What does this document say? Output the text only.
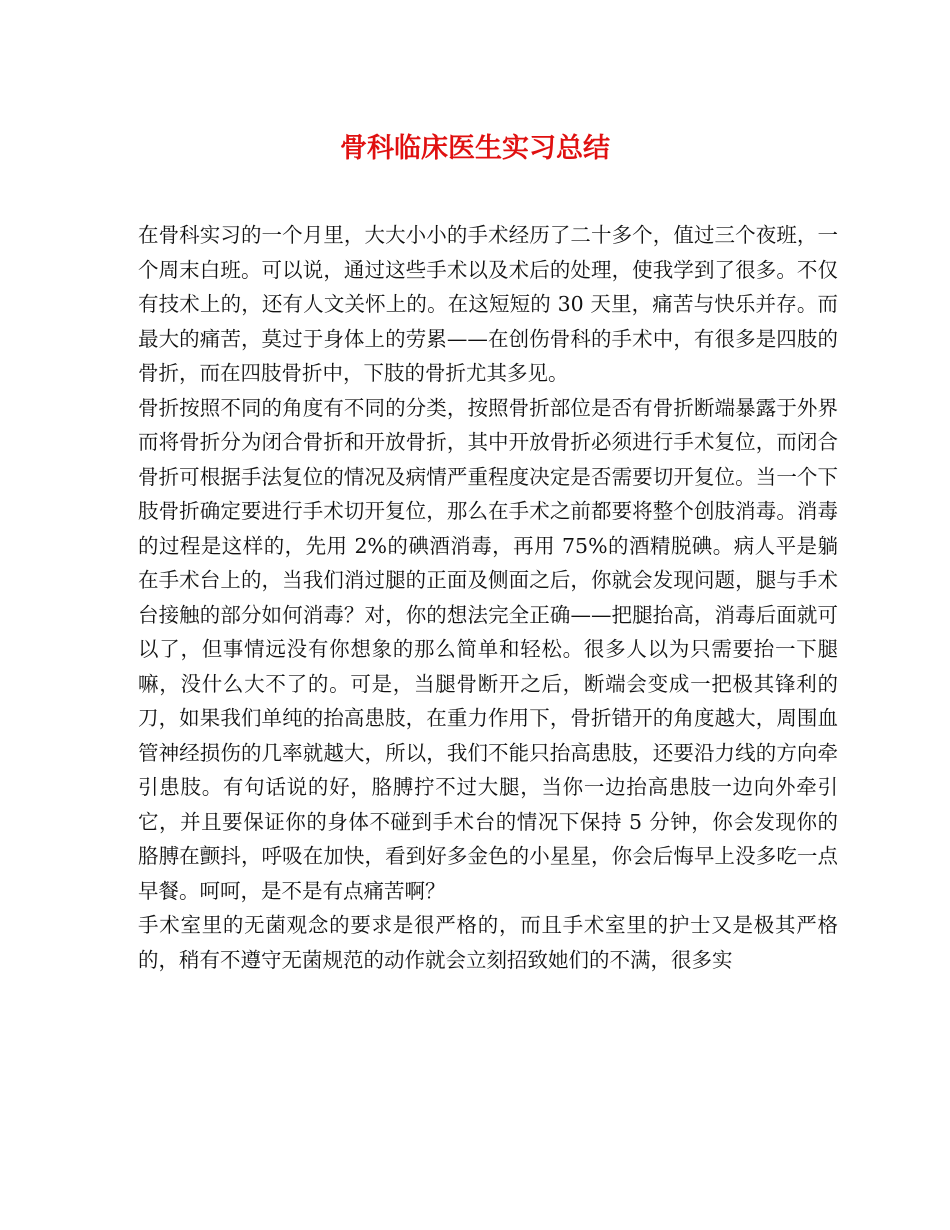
骨科临床医生实习总结

在骨科实习的一个月里，大大小小的手术经历了二十多个，值过三个夜班，一个周末白班。可以说，通过这些手术以及术后的处理，使我学到了很多。不仅有技术上的，还有人文关怀上的。在这短短的 30 天里，痛苦与快乐并存。而最大的痛苦，莫过于身体上的劳累——在创伤骨科的手术中，有很多是四肢的骨折，而在四肢骨折中，下肢的骨折尤其多见。

骨折按照不同的角度有不同的分类，按照骨折部位是否有骨折断端暴露于外界而将骨折分为闭合骨折和开放骨折，其中开放骨折必须进行手术复位，而闭合骨折可根据手法复位的情况及病情严重程度决定是否需要切开复位。当一个下肢骨折确定要进行手术切开复位，那么在手术之前都要将整个创肢消毒。消毒的过程是这样的，先用 2%的碘酒消毒，再用 75%的酒精脱碘。病人平是躺在手术台上的，当我们消过腿的正面及侧面之后，你就会发现问题，腿与手术台接触的部分如何消毒？对，你的想法完全正确——把腿抬高，消毒后面就可以了，但事情远没有你想象的那么简单和轻松。很多人以为只需要抬一下腿嘛，没什么大不了的。可是，当腿骨断开之后，断端会变成一把极其锋利的刀，如果我们单纯的抬高患肢，在重力作用下，骨折错开的角度越大，周围血管神经损伤的几率就越大，所以，我们不能只抬高患肢，还要沿力线的方向牵引患肢。有句话说的好，胳膊拧不过大腿，当你一边抬高患肢一边向外牵引它，并且要保证你的身体不碰到手术台的情况下保持 5 分钟，你会发现你的胳膊在颤抖，呼吸在加快，看到好多金色的小星星，你会后悔早上没多吃一点早餐。呵呵，是不是有点痛苦啊？

手术室里的无菌观念的要求是很严格的，而且手术室里的护士又是极其严格的，稍有不遵守无菌规范的动作就会立刻招致她们的不满，很多实
